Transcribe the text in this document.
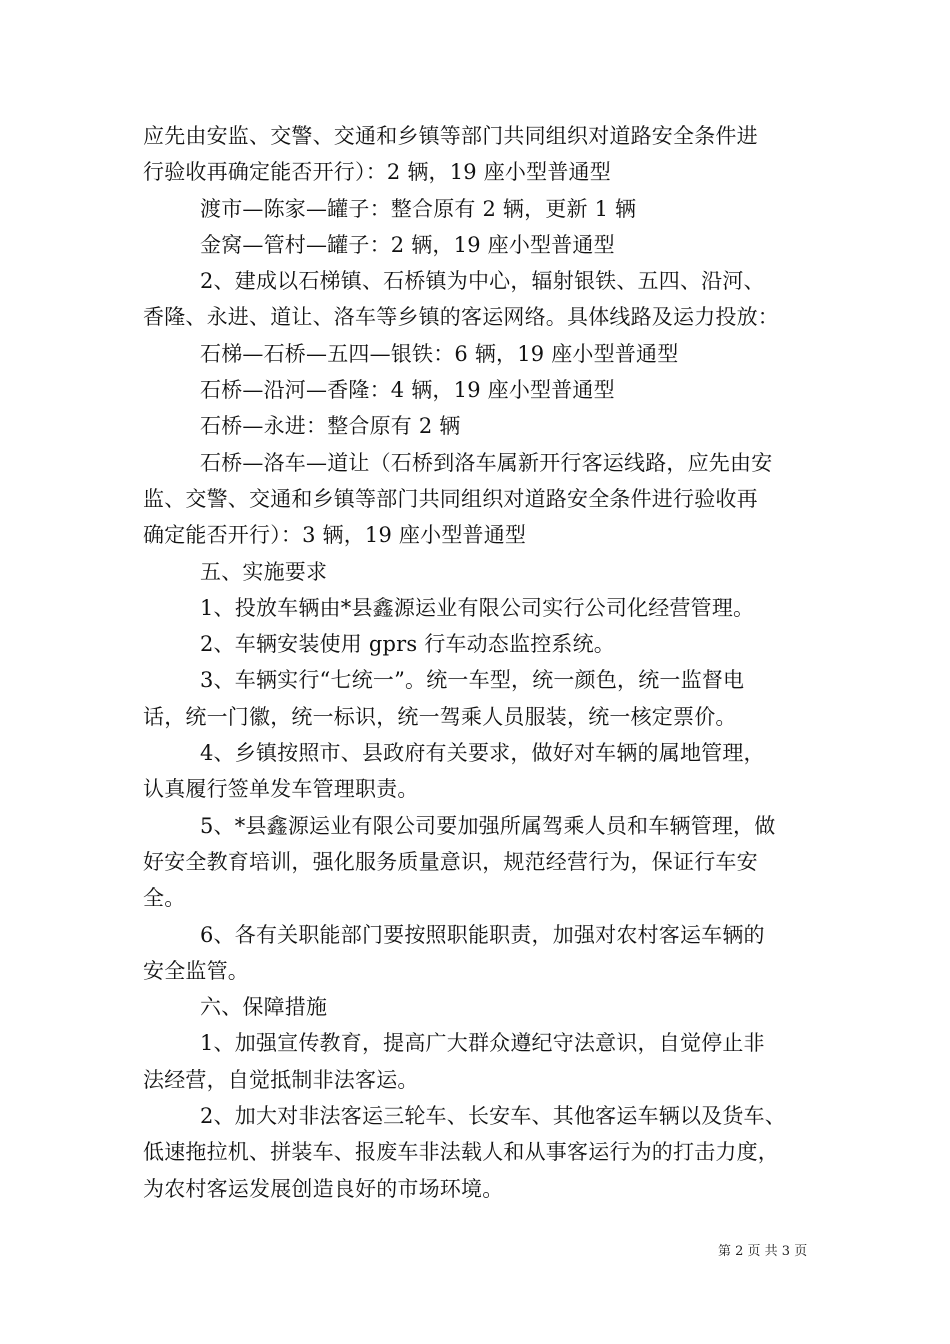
应先由安监、交警、交通和乡镇等部门共同组织对道路安全条件进
行验收再确定能否开行）：2 辆，19 座小型普通型
渡市—陈家—罐子：整合原有 2 辆，更新 1 辆
金窝—管村—罐子：2 辆，19 座小型普通型
2、建成以石梯镇、石桥镇为中心，辐射银铁、五四、沿河、
香隆、永进、道让、洛车等乡镇的客运网络。具体线路及运力投放：
石梯—石桥—五四—银铁：6 辆，19 座小型普通型
石桥—沿河—香隆：4 辆，19 座小型普通型
石桥—永进：整合原有 2 辆
石桥—洛车—道让（石桥到洛车属新开行客运线路，应先由安
监、交警、交通和乡镇等部门共同组织对道路安全条件进行验收再
确定能否开行）：3 辆，19 座小型普通型
五、实施要求
1、投放车辆由*县鑫源运业有限公司实行公司化经营管理。
2、车辆安装使用 gprs 行车动态监控系统。
3、车辆实行“七统一”。统一车型，统一颜色，统一监督电
话，统一门徽，统一标识，统一驾乘人员服装，统一核定票价。
4、乡镇按照市、县政府有关要求，做好对车辆的属地管理，
认真履行签单发车管理职责。
5、*县鑫源运业有限公司要加强所属驾乘人员和车辆管理，做
好安全教育培训，强化服务质量意识，规范经营行为，保证行车安
全。
6、各有关职能部门要按照职能职责，加强对农村客运车辆的
安全监管。
六、保障措施
1、加强宣传教育，提高广大群众遵纪守法意识，自觉停止非
法经营，自觉抵制非法客运。
2、加大对非法客运三轮车、长安车、其他客运车辆以及货车、
低速拖拉机、拼装车、报废车非法载人和从事客运行为的打击力度，
为农村客运发展创造良好的市场环境。
第 2 页 共 3 页
